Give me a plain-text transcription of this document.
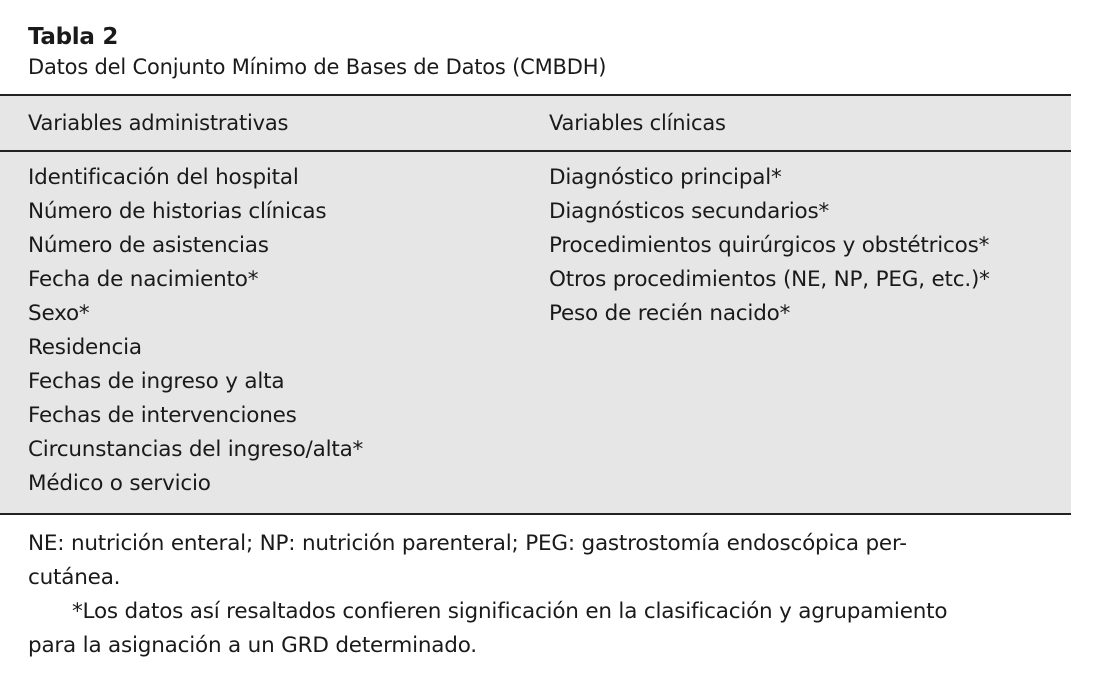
Tabla 2

Datos del Conjunto Mínimo de Bases de Datos (CMBDH)

Variables administrativas	Variables clínicas
Identificación del hospital
Número de historias clínicas
Número de asistencias
Fecha de nacimiento*
Sexo*
Residencia
Fechas de ingreso y alta
Fechas de intervenciones
Circunstancias del ingreso/alta*
Médico o servicio
Diagnóstico principal*
Diagnósticos secundarios*
Procedimientos quirúrgicos y obstétricos*
Otros procedimientos (NE, NP, PEG, etc.)*
Peso de recién nacido*

NE: nutrición enteral; NP: nutrición parenteral; PEG: gastrostomía endoscópica per-
cutánea.

*Los datos así resaltados confieren significación en la clasificación y agrupamiento
para la asignación a un GRD determinado.
